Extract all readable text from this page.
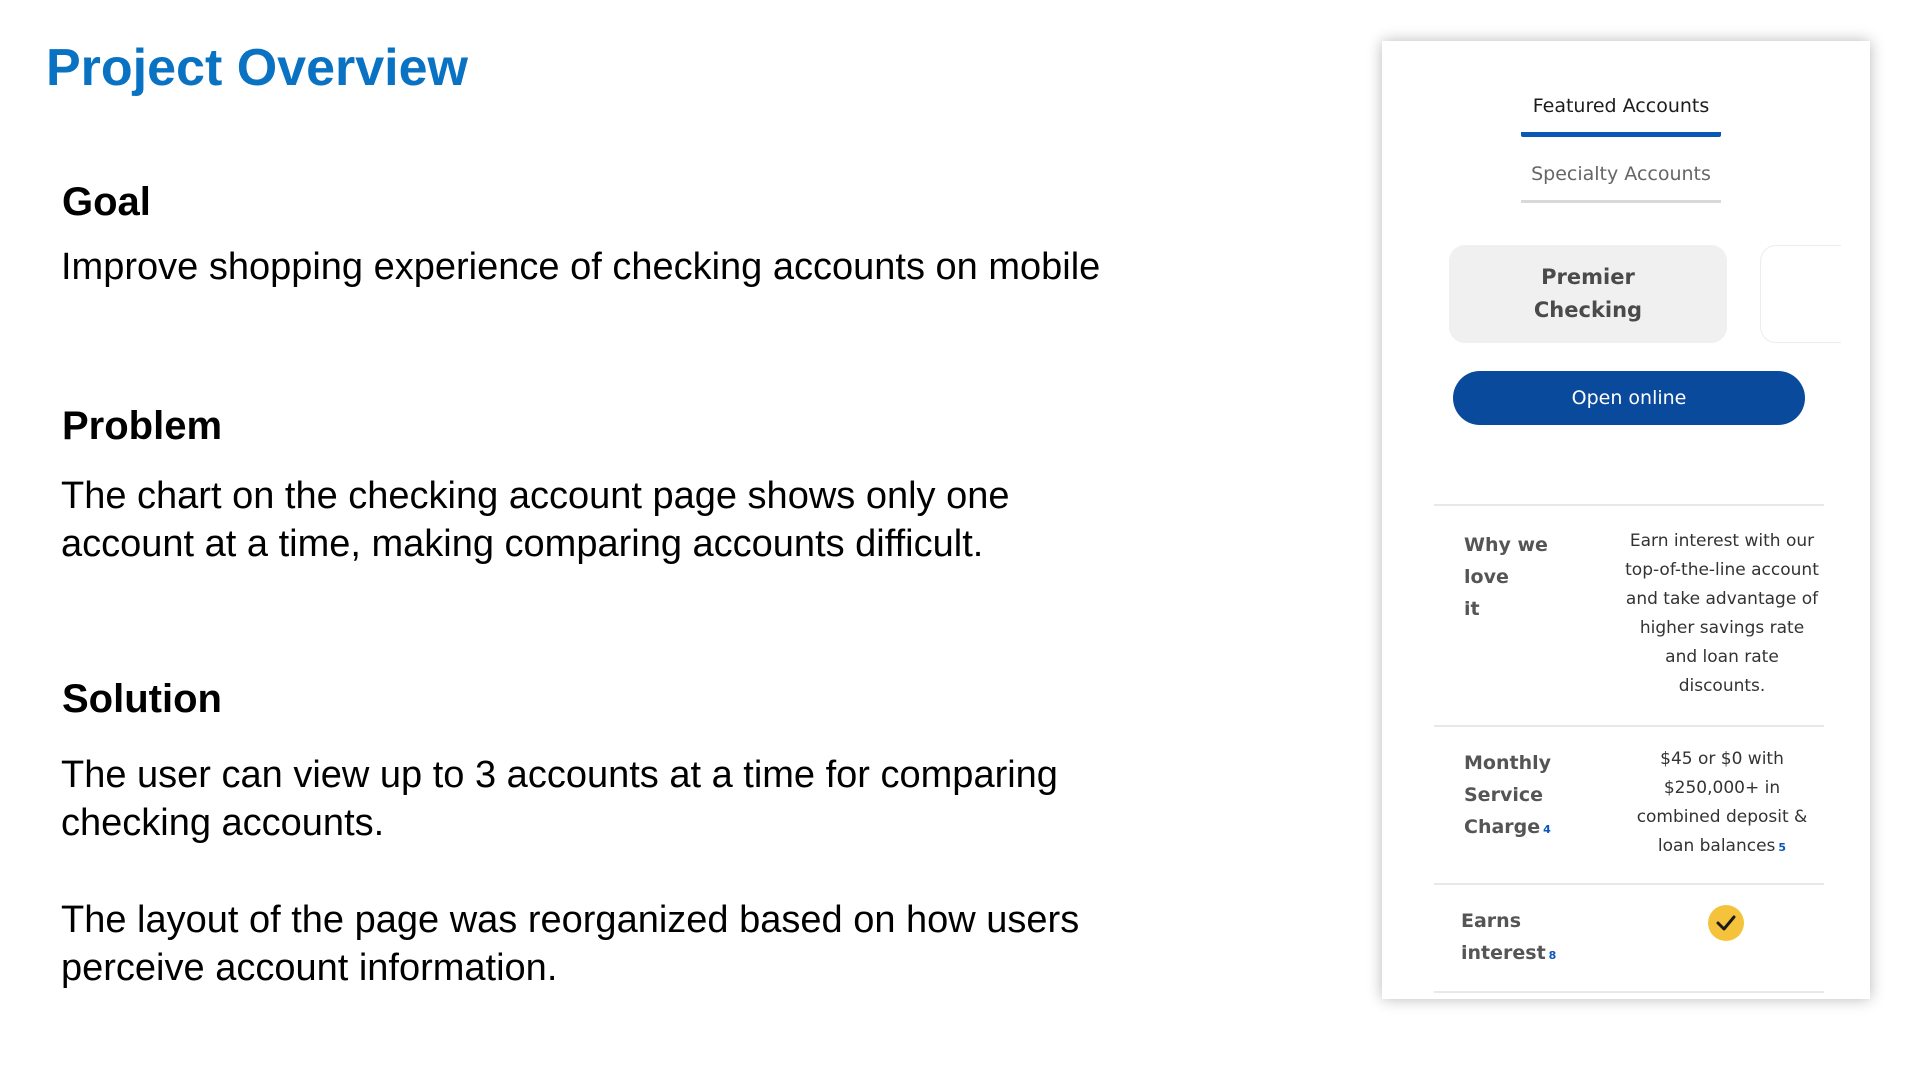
Project Overview
Goal

Improve shopping experience of checking accounts on mobile

Problem
The chart on the checking account page shows only one
account at a time, making comparing accounts difficult.
Solution
The user can view up to 3 accounts at a time for comparing
checking accounts.
The layout of the page was reorganized based on how users
perceive account information.
Featured Accounts
Specialty Accounts
Premier
Checking
Open online
Why we love
it
Earn interest with our
top-of-the-line account
and take advantage of
higher savings rate
and loan rate
discounts.
Monthly
Service
Charge 4
$45 or $0 with
$250,000+ in
combined deposit &
loan balances 5
Earns
interest 8
